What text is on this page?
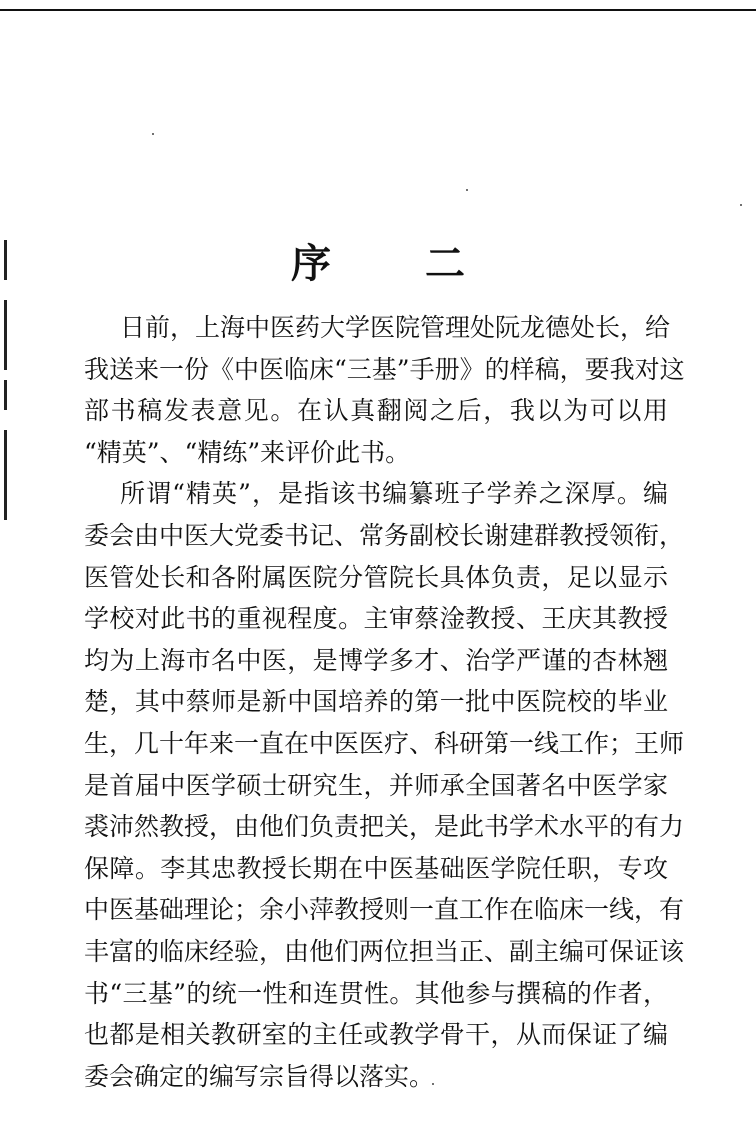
序 二
日前，上海中医药大学医院管理处阮龙德处长，给
我送来一份《中医临床“三基”手册》的样稿，要我对这
部书稿发表意见。在认真翻阅之后，我以为可以用
“精英”、“精练”来评价此书。
所谓“精英”，是指该书编纂班子学养之深厚。编
委会由中医大党委书记、常务副校长谢建群教授领衔，
医管处长和各附属医院分管院长具体负责，足以显示
学校对此书的重视程度。主审蔡淦教授、王庆其教授
均为上海市名中医，是博学多才、治学严谨的杏林翘
楚，其中蔡师是新中国培养的第一批中医院校的毕业
生，几十年来一直在中医医疗、科研第一线工作；王师
是首届中医学硕士研究生，并师承全国著名中医学家
裘沛然教授，由他们负责把关，是此书学术水平的有力
保障。李其忠教授长期在中医基础医学院任职，专攻
中医基础理论；余小萍教授则一直工作在临床一线，有
丰富的临床经验，由他们两位担当正、副主编可保证该
书“三基”的统一性和连贯性。其他参与撰稿的作者，
也都是相关教研室的主任或教学骨干，从而保证了编
委会确定的编写宗旨得以落实。
